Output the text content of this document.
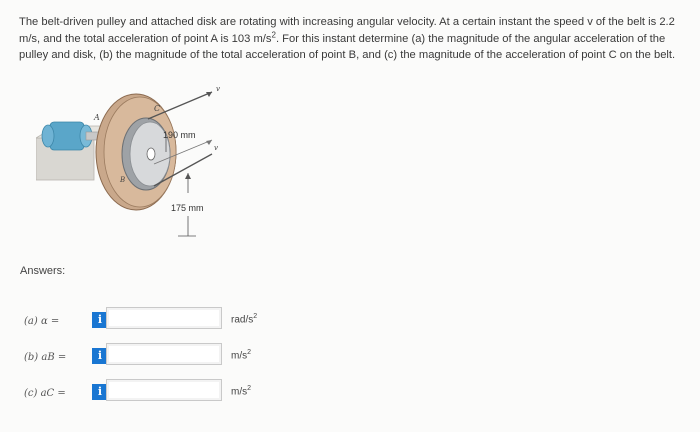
The belt-driven pulley and attached disk are rotating with increasing angular velocity. At a certain instant the speed v of the belt is 2.2 m/s, and the total acceleration of point A is 103 $m/s^2$. For this instant determine (a) the magnitude of the angular acceleration of the pulley and disk, (b) the magnitude of the total acceleration of point B, and (c) the magnitude of the acceleration of point C on the belt.
A
C
B
v
v
190 mm
175 mm
Answers:
(a) α =	i	rad/$s^2$
(b) aB =	i	$m/s^2$
(c) aC =	i	$m/s^2$
